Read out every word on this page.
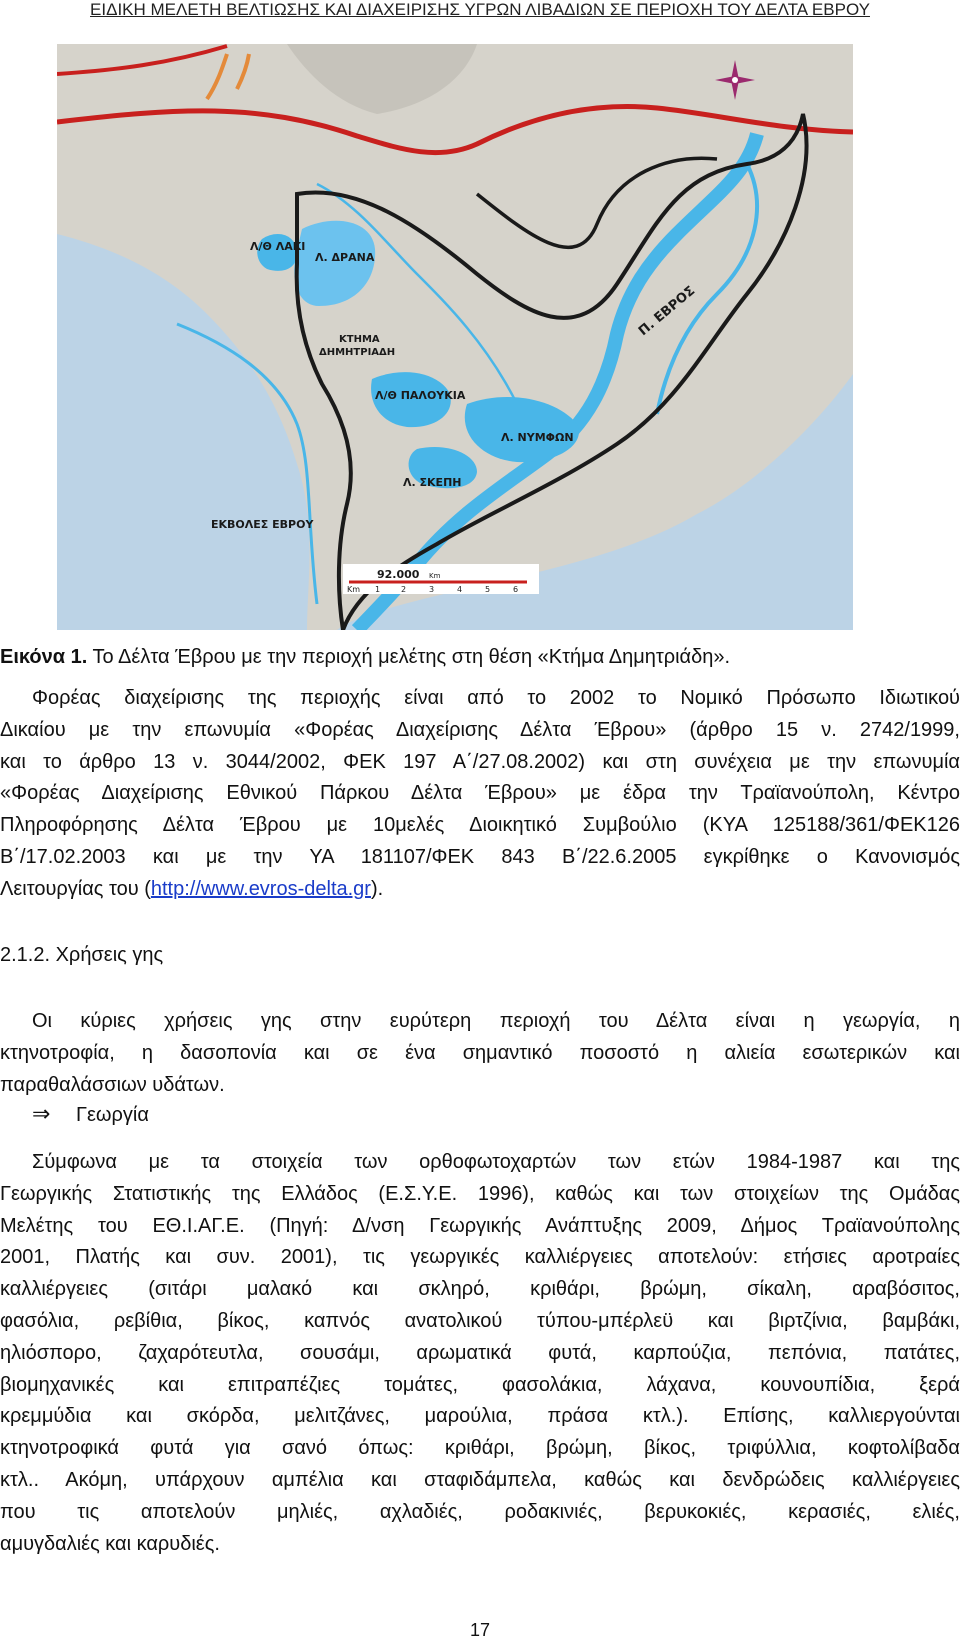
ΕΙΔΙΚΗ ΜΕΛΕΤΗ ΒΕΛΤΙΩΣΗΣ ΚΑΙ ΔΙΑΧΕΙΡΙΣΗΣ ΥΓΡΩΝ ΛΙΒΑΔΙΩΝ ΣΕ ΠΕΡΙΟΧΗ ΤΟΥ ΔΕΛΤΑ ΕΒΡΟΥ
Λ/Θ ΛΑΚΙ
Λ. ΔΡΑΝΑ
ΚΤΗΜΑ
ΔΗΜΗΤΡΙΑΔΗ
Λ/Θ ΠΑΛΟΥΚΙΑ
Λ. ΝΥΜΦΩΝ
Λ. ΣΚΕΠΗ
ΕΚΒΟΛΕΣ ΕΒΡΟΥ
Π. ΕΒΡΟΣ
92.000 Km
Km 1	2	3	4	5	6
Εικόνα 1. Το Δέλτα Έβρου με την περιοχή μελέτης στη θέση «Κτήμα Δημητριάδη».
Φορέας διαχείρισης της περιοχής είναι από το 2002 το Νομικό Πρόσωπο Ιδιωτικού
Δικαίου με την επωνυμία «Φορέας Διαχείρισης Δέλτα Έβρου» (άρθρο 15 ν. 2742/1999,
και το άρθρο 13 ν. 3044/2002, ΦΕΚ 197 Α΄/27.08.2002) και στη συνέχεια με την επωνυμία
«Φορέας Διαχείρισης Εθνικού Πάρκου Δέλτα Έβρου» με έδρα την Τραϊανούπολη, Κέντρο
Πληροφόρησης Δέλτα Έβρου με 10μελές Διοικητικό Συμβούλιο (ΚΥΑ 125188/361/ΦΕΚ126
Β΄/17.02.2003 και με την ΥΑ 181107/ΦΕΚ 843 Β΄/22.6.2005 εγκρίθηκε ο Κανονισμός
Λειτουργίας του (http://www.evros-delta.gr).
2.1.2. Χρήσεις γης
Οι κύριες χρήσεις γης στην ευρύτερη περιοχή του Δέλτα είναι η γεωργία, η
κτηνοτροφία, η δασοπονία και σε ένα σημαντικό ποσοστό η αλιεία εσωτερικών και
παραθαλάσσιων υδάτων.
⇒ Γεωργία
Σύμφωνα με τα στοιχεία των ορθοφωτοχαρτών των ετών 1984-1987 και της
Γεωργικής Στατιστικής της Ελλάδος (Ε.Σ.Υ.Ε. 1996), καθώς και των στοιχείων της Ομάδας
Μελέτης του ΕΘ.Ι.ΑΓ.Ε. (Πηγή: Δ/νση Γεωργικής Ανάπτυξης 2009, Δήμος Τραϊανούπολης
2001, Πλατής και συν. 2001), τις γεωργικές καλλιέργειες αποτελούν: ετήσιες αροτραίες
καλλιέργειες (σιτάρι μαλακό και σκληρό, κριθάρι, βρώμη, σίκαλη, αραβόσιτος,
φασόλια, ρεβίθια, βίκος, καπνός ανατολικού τύπου-μπέρλεϋ και βιρτζίνια, βαμβάκι,
ηλιόσπορο, ζαχαρότευτλα, σουσάμι, αρωματικά φυτά, καρπούζια, πεπόνια, πατάτες,
βιομηχανικές και επιτραπέζιες τομάτες, φασολάκια, λάχανα, κουνουπίδια, ξερά
κρεμμύδια και σκόρδα, μελιτζάνες, μαρούλια, πράσα κτλ.). Επίσης, καλλιεργούνται
κτηνοτροφικά φυτά για σανό όπως: κριθάρι, βρώμη, βίκος, τριφύλλια, κοφτολίβαδα
κτλ.. Ακόμη, υπάρχουν αμπέλια και σταφιδάμπελα, καθώς και δενδρώδεις καλλιέργειες
που τις αποτελούν μηλιές, αχλαδιές, ροδακινιές, βερυκοκιές, κερασιές, ελιές,
αμυγδαλιές και καρυδιές.
17
